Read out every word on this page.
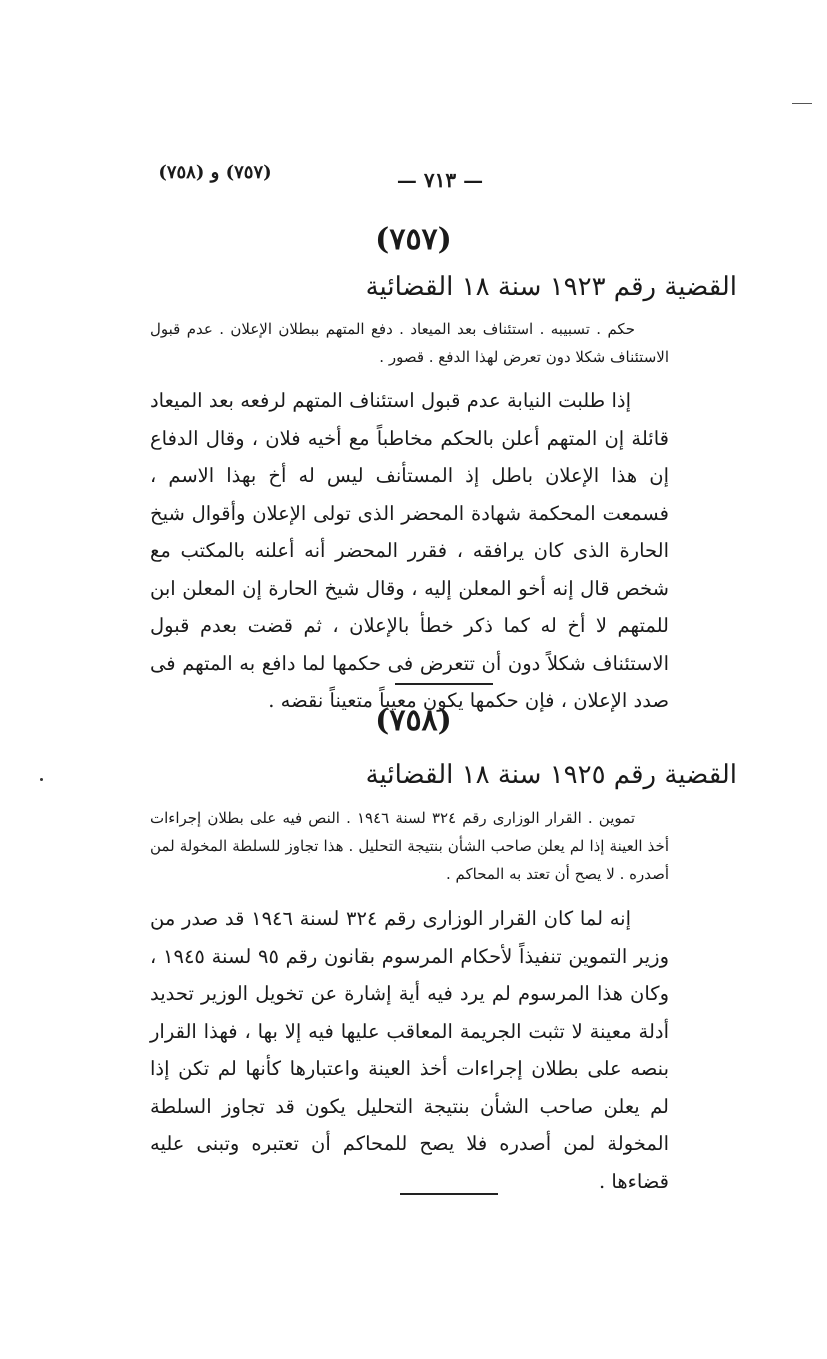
— ٧١٣ —
(٧٥٧) و (٧٥٨)
(٧٥٧)
القضية رقم ١٩٢٣ سنة ١٨ القضائية

حكم . تسبيبه . استئناف بعد الميعاد . دفع المتهم ببطلان الإعلان . عدم قبول الاستئناف شكلا دون تعرض لهذا الدفع . قصور .

إذا طلبت النيابة عدم قبول استئناف المتهم لرفعه بعد الميعاد قائلة إن المتهم أعلن بالحكم مخاطباً مع أخيه فلان ، وقال الدفاع إن هذا الإعلان باطل إذ المستأنف ليس له أخ بهذا الاسم ، فسمعت المحكمة شهادة المحضر الذى تولى الإعلان وأقوال شيخ الحارة الذى كان يرافقه ، فقرر المحضر أنه أعلنه بالمكتب مع شخص قال إنه أخو المعلن إليه ، وقال شيخ الحارة إن المعلن ابن للمتهم لا أخ له كما ذكر خطأ بالإعلان ، ثم قضت بعدم قبول الاستئناف شكلاً دون أن تتعرض فى حكمها لما دافع به المتهم فى صدد الإعلان ، فإن حكمها يكون معيباً متعيناً نقضه .

(٧٥٨)
القضية رقم ١٩٢٥ سنة ١٨ القضائية

تموين . القرار الوزارى رقم ٣٢٤ لسنة ١٩٤٦ . النص فيه على بطلان إجراءات أخذ العينة إذا لم يعلن صاحب الشأن بنتيجة التحليل . هذا تجاوز للسلطة المخولة لمن أصدره . لا يصح أن تعتد به المحاكم .

إنه لما كان القرار الوزارى رقم ٣٢٤ لسنة ١٩٤٦ قد صدر من وزير التموين تنفيذاً لأحكام المرسوم بقانون رقم ٩٥ لسنة ١٩٤٥ ، وكان هذا المرسوم لم يرد فيه أية إشارة عن تخويل الوزير تحديد أدلة معينة لا تثبت الجريمة المعاقب عليها فيه إلا بها ، فهذا القرار بنصه على بطلان إجراءات أخذ العينة واعتبارها كأنها لم تكن إذا لم يعلن صاحب الشأن بنتيجة التحليل يكون قد تجاوز السلطة المخولة لمن أصدره فلا يصح للمحاكم أن تعتبره وتبنى عليه قضاءها .
